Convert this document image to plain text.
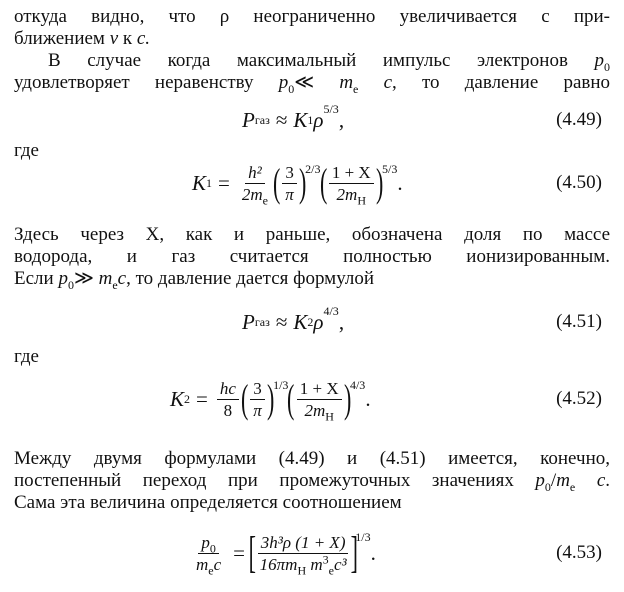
откуда видно, что ρ неограниченно увеличивается с при-
ближением v к c.
В случае когда максимальный импульс электронов $p_0$
удовлетворяет неравенству $p_0≪$ $m_e$ c, то давление равно
P газ ≈ K 1 ρ 5/3 ,	(4.49)
где
K $1 = \frac{\text{h²}}{2m_e}$ ( $\frac{3}{\pi}$ )
2/3
( $\frac{1 + X}{2m_H}$ )
5/3
.	(4.50)
Здесь через X, как и раньше, обозначена доля по массе
водорода, и газ считается полностью ионизированным.
Если $p_0≫$ $m_ec$, то давление дается формулой
P газ ≈ K 2 ρ 4/3 ,	(4.51)
где
K $2 = \frac{hc}{8}$ ( $\frac{3}{\pi}$ )
1/3
( $\frac{1 + X}{2m_H}$ )
4/3
.	(4.52)
Между двумя формулами (4.49) и (4.51) имеется, конечно,
постепенный переход при промежуточных значениях $p_0/m_e$ c.
Сама эта величина определяется соотношением
$\frac{p_0}{m_ec}$ = [ $\frac{\text{3h³ρ (1 + X)}}{16\pi m_H m^3_ec^3}$ ]
1/3
.	(4.53)
